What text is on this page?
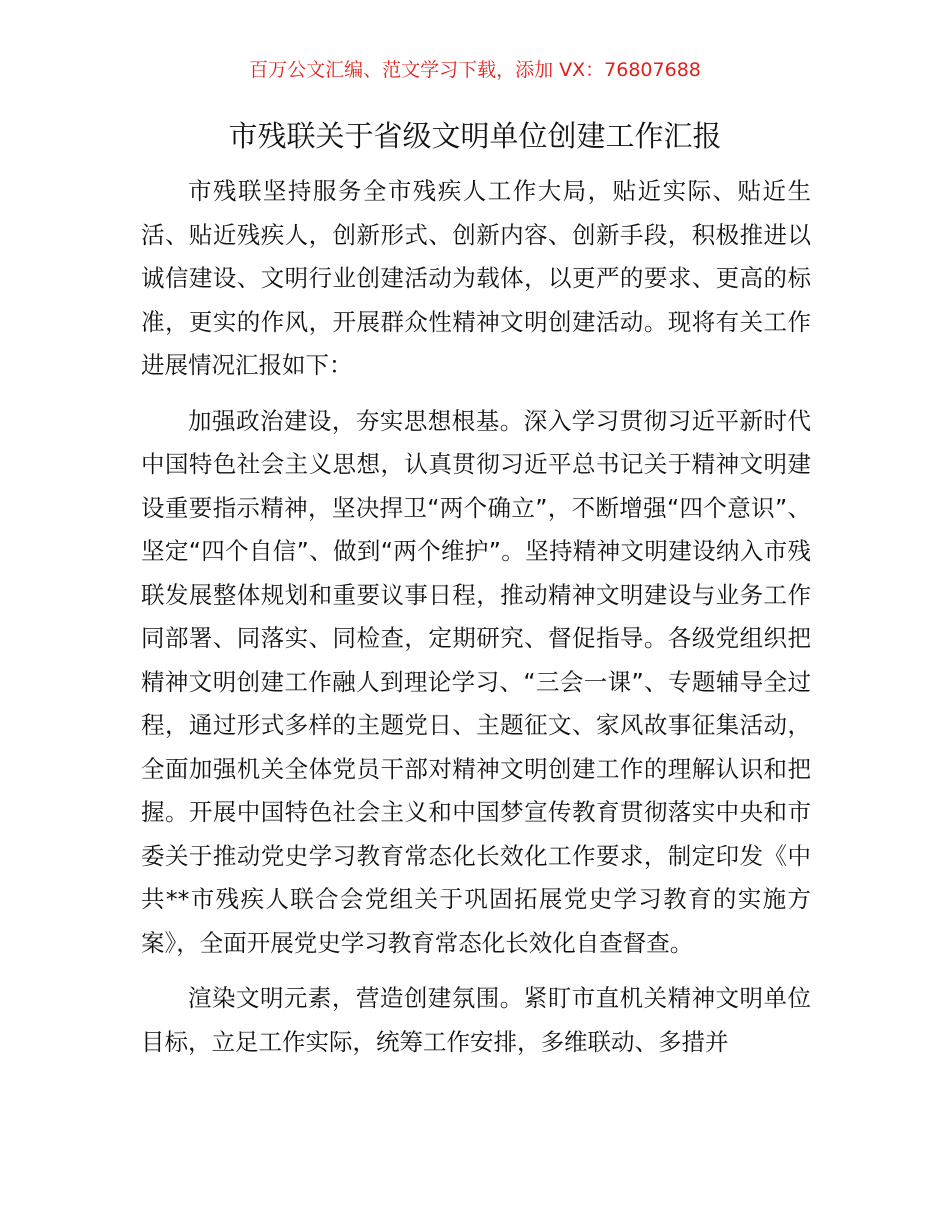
百万公文汇编、范文学习下载，添加 VX：76807688
市残联关于省级文明单位创建工作汇报

市残联坚持服务全市残疾人工作大局，贴近实际、贴近生活、贴近残疾人，创新形式、创新内容、创新手段，积极推进以诚信建设、文明行业创建活动为载体，以更严的要求、更高的标准，更实的作风，开展群众性精神文明创建活动。现将有关工作进展情况汇报如下：

加强政治建设，夯实思想根基。深入学习贯彻习近平新时代中国特色社会主义思想，认真贯彻习近平总书记关于精神文明建设重要指示精神，坚决捍卫“两个确立”，不断增强“四个意识”、坚定“四个自信”、做到“两个维护”。坚持精神文明建设纳入市残联发展整体规划和重要议事日程，推动精神文明建设与业务工作同部署、同落实、同检查，定期研究、督促指导。各级党组织把精神文明创建工作融人到理论学习、“三会一课”、专题辅导全过程，通过形式多样的主题党日、主题征文、家风故事征集活动，全面加强机关全体党员干部对精神文明创建工作的理解认识和把握。开展中国特色社会主义和中国梦宣传教育贯彻落实中央和市委关于推动党史学习教育常态化长效化工作要求，制定印发《中共**市残疾人联合会党组关于巩固拓展党史学习教育的实施方案》，全面开展党史学习教育常态化长效化自查督查。

渲染文明元素，营造创建氛围。紧盯市直机关精神文明单位目标，立足工作实际，统筹工作安排，多维联动、多措并
